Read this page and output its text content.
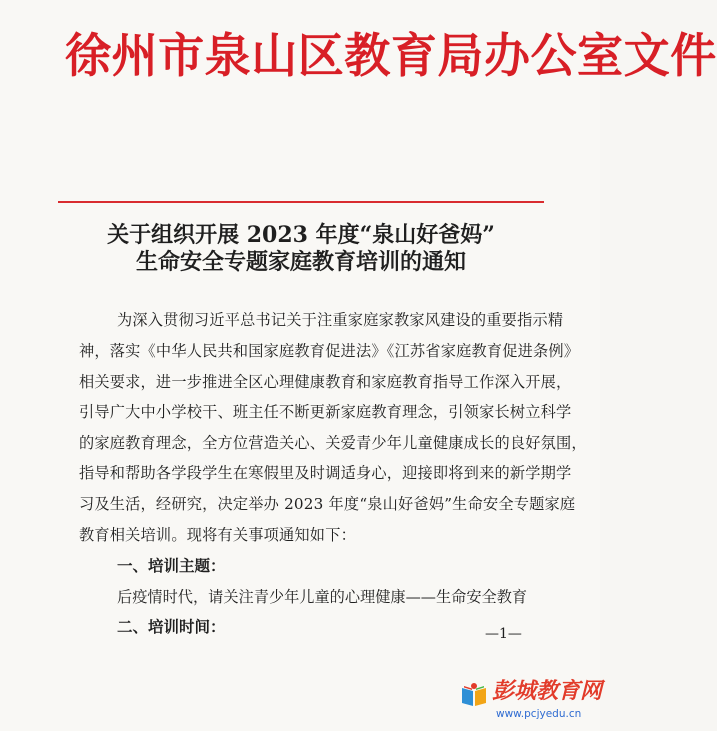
徐州市泉山区教育局办公室文件
关于组织开展 2023 年度“泉山好爸妈”
生命安全专题家庭教育培训的通知
为深入贯彻习近平总书记关于注重家庭家教家风建设的重要指示精
神，落实《中华人民共和国家庭教育促进法》《江苏省家庭教育促进条例》
相关要求，进一步推进全区心理健康教育和家庭教育指导工作深入开展，
引导广大中小学校干、班主任不断更新家庭教育理念，引领家长树立科学
的家庭教育理念，全方位营造关心、关爱青少年儿童健康成长的良好氛围，
指导和帮助各学段学生在寒假里及时调适身心，迎接即将到来的新学期学
习及生活，经研究，决定举办 2023 年度“泉山好爸妈”生命安全专题家庭
教育相关培训。现将有关事项通知如下：
一、培训主题：
后疫情时代，请关注青少年儿童的心理健康——生命安全教育
二、培训时间：	—1—
彭城教育网
www.pcjyedu.cn
